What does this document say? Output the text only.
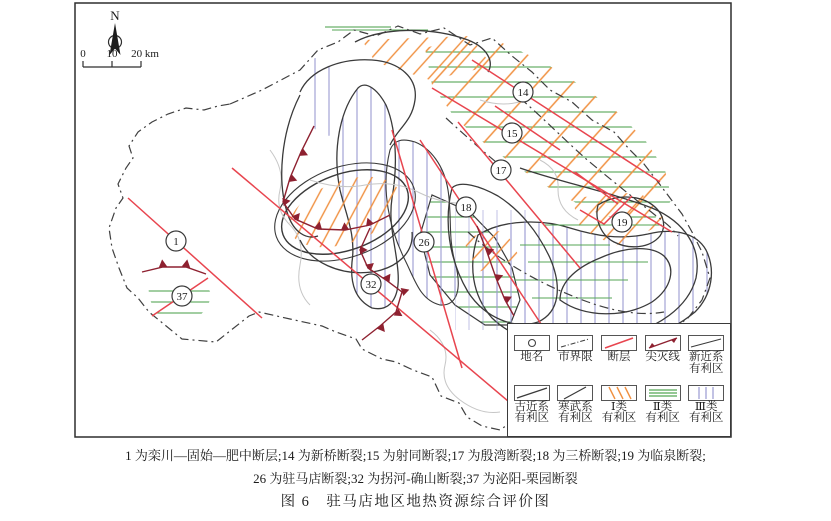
1
37
32
26
18
17
15
14
19
N
0 10 20 km
地名 市界限 断层 尖灭线 新近系
有利区
古近系
有利区
寒武系
有利区
Ⅰ类
有利区
Ⅱ类
有利区
Ⅲ类
有利区
1 为栾川—固始—肥中断层;14 为新桥断裂;15 为射同断裂;17 为殷湾断裂;18 为三桥断裂;19 为临泉断裂;
26 为驻马店断裂;32 为拐河-确山断裂;37 为泌阳-栗园断裂
图 6　驻马店地区地热资源综合评价图
